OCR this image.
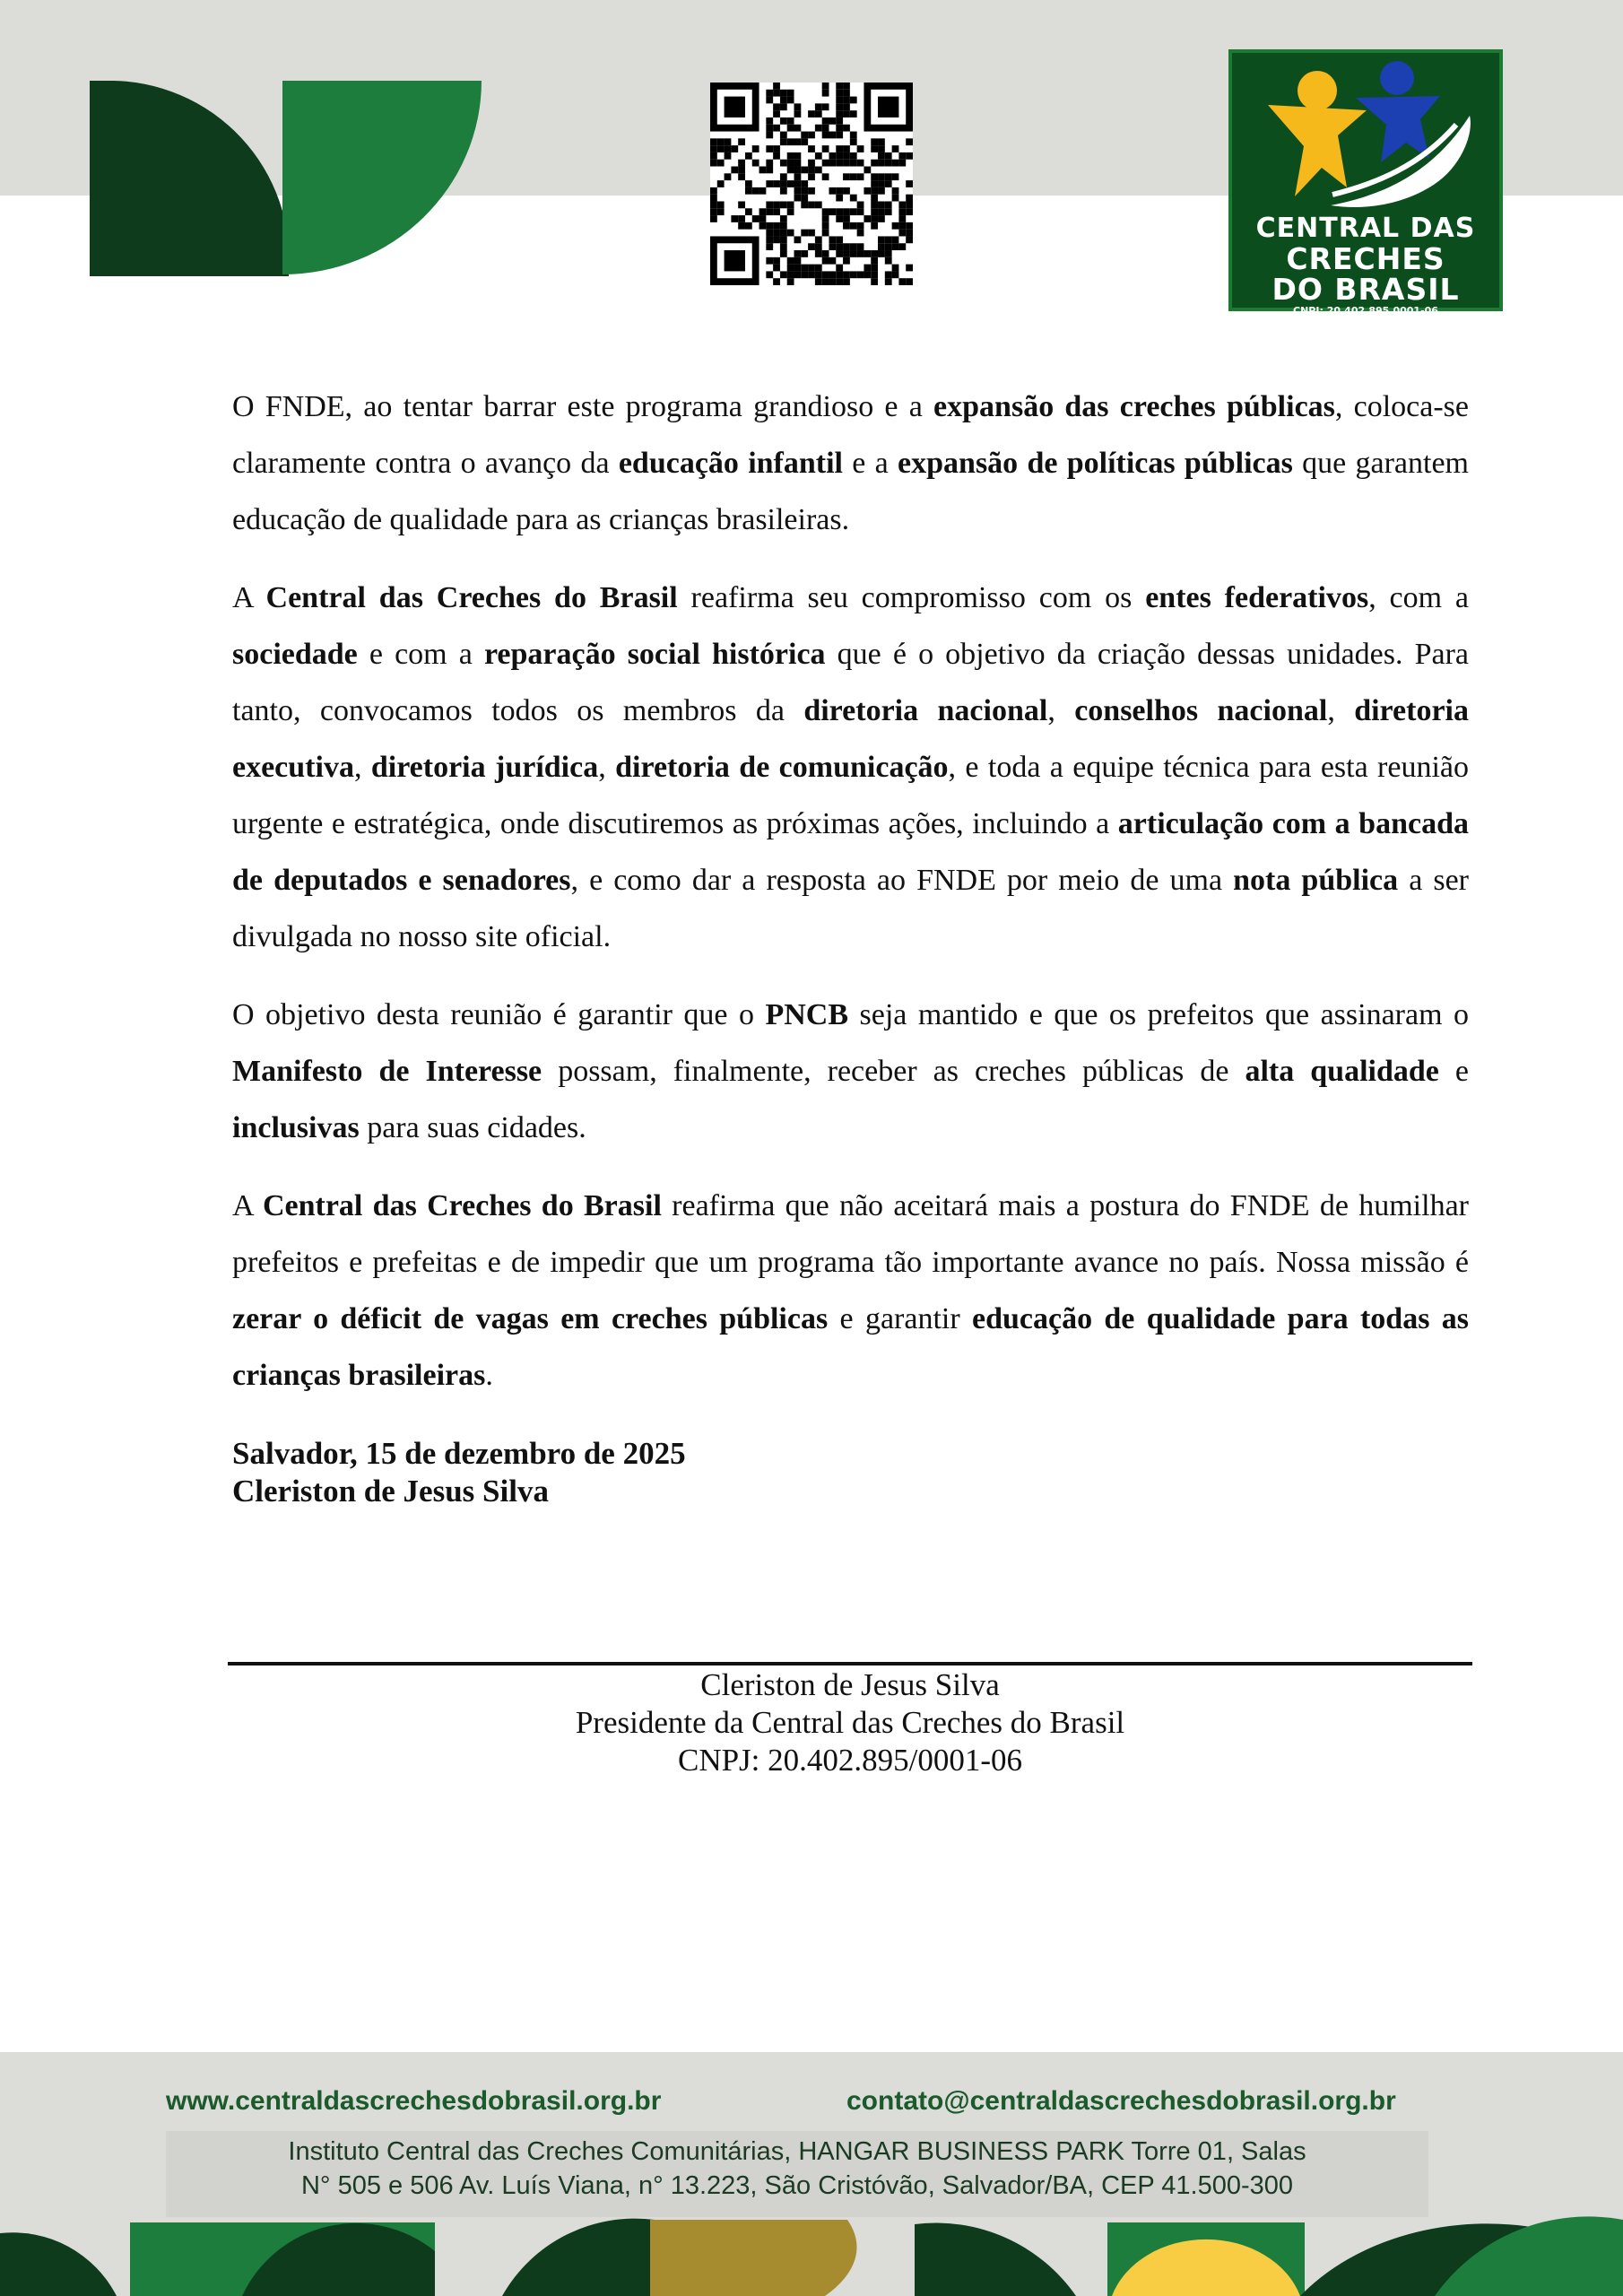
CENTRAL DAS
CRECHES
DO BRASIL
CNPJ: 20.402.895.0001-06

O FNDE, ao tentar barrar este programa grandioso e a expansão das creches públicas, coloca-se claramente contra o avanço da educação infantil e a expansão de políticas públicas que garantem educação de qualidade para as crianças brasileiras.

A Central das Creches do Brasil reafirma seu compromisso com os entes federativos, com a sociedade e com a reparação social histórica que é o objetivo da criação dessas unidades. Para tanto, convocamos todos os membros da diretoria nacional, conselhos nacional, diretoria executiva, diretoria jurídica, diretoria de comunicação, e toda a equipe técnica para esta reunião urgente e estratégica, onde discutiremos as próximas ações, incluindo a articulação com a bancada de deputados e senadores, e como dar a resposta ao FNDE por meio de uma nota pública a ser divulgada no nosso site oficial.

O objetivo desta reunião é garantir que o PNCB seja mantido e que os prefeitos que assinaram o Manifesto de Interesse possam, finalmente, receber as creches públicas de alta qualidade e inclusivas para suas cidades.

A Central das Creches do Brasil reafirma que não aceitará mais a postura do FNDE de humilhar prefeitos e prefeitas e de impedir que um programa tão importante avance no país. Nossa missão é zerar o déficit de vagas em creches públicas e garantir educação de qualidade para todas as crianças brasileiras.

Salvador, 15 de dezembro de 2025
Cleriston de Jesus Silva
Cleriston de Jesus Silva
Presidente da Central das Creches do Brasil
CNPJ: 20.402.895/0001-06
www.centraldascrechesdobrasil.org.br	contato@centraldascrechesdobrasil.org.br
Instituto Central das Creches Comunitárias, HANGAR BUSINESS PARK Torre 01, Salas
N° 505 e 506 Av. Luís Viana, n° 13.223, São Cristóvão, Salvador/BA, CEP 41.500-300
